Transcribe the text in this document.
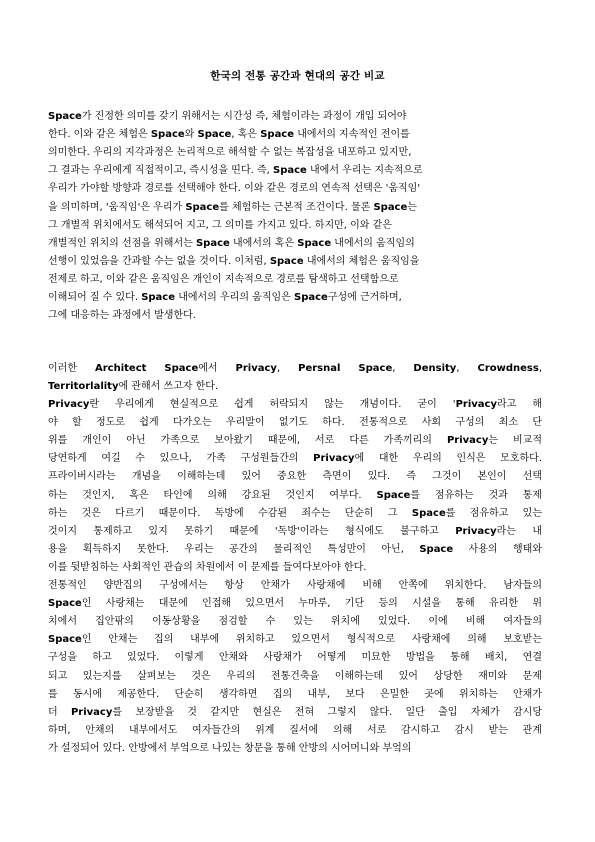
한국의 전통 공간과 현대의 공간 비교
Space가 진정한 의미를 갖기 위해서는 시간성 즉, 체험이라는 과정이 개입 되어야
한다. 이와 같은 체험은 Space와 Space, 혹은 Space 내에서의 지속적인 전이를
의미한다. 우리의 지각과정은 논리적으로 해석할 수 없는 복잡성을 내포하고 있지만,
그 결과는 우리에게 직접적이고, 즉시성을 띤다. 즉, Space 내에서 우리는 지속적으로
우리가 가야할 방향과 경로를 선택해야 한다. 이와 같은 경로의 연속적 선택은 '움직임'
을 의미하며, '움직임'은 우리가 Space를 체험하는 근본적 조건이다. 물론 Space는
그 개별적 위치에서도 해석되어 지고, 그 의미를 가지고 있다. 하지만, 이와 같은
개별적인 위치의 선점을 위해서는 Space 내에서의 혹은 Space 내에서의 움직임의
선행이 있었음을 간과할 수는 없을 것이다. 이처럼, Space 내에서의 체험은 움직임을
전제로 하고, 이와 같은 움직임은 개인이 지속적으로 경로를 탐색하고 선택함으로
이해되어 질 수 있다. Space 내에서의 우리의 움직임은 Space구성에 근거하며,
그에 대응하는 과정에서 발생한다.
이러한 Architect Space에서 Privacy, Persnal Space, Density, Crowdness,
Territorlality에 관해서 쓰고자 한다.
Privacy란 우리에게 현실적으로 쉽게 허락되지 않는 개념이다. 굳이 'Privacy라고 해
야 할 정도로 쉽게 다가오는 우리말이 없기도 하다. 전통적으로 사회 구성의 최소 단
위를 개인이 아닌 가족으로 보아왔기 때문에, 서로 다른 가족끼리의 Privacy는 비교적
당연하게 여길 수 있으나, 가족 구성원들간의 Privacy에 대한 우리의 인식은 모호하다.
프라이버시라는 개념을 이해하는데 있어 중요한 측면이 있다. 즉 그것이 본인이 선택
하는 것인지, 혹은 타인에 의해 강요된 것인지 여부다. Space를 점유하는 것과 통제
하는 것은 다르기 때문이다. 독방에 수감된 죄수는 단순히 그 Space를 점유하고 있는
것이지 통제하고 있지 못하기 때문에 '독방'이라는 형식에도 불구하고 Privacy라는 내
용을 획득하지 못한다. 우리는 공간의 물리적인 특성만이 아닌, Space 사용의 행태와
이를 뒷받침하는 사회적인 관습의 차원에서 이 문제를 들여다보아야 한다.
전통적인 양반집의 구성에서는 항상 안채가 사랑채에 비해 안쪽에 위치한다. 남자들의
Space인 사랑채는 대문에 인접해 있으면서 누마루, 기단 등의 시설을 통해 유리한 위
치에서 집안팎의 이동상황을 점검할 수 있는 위치에 있었다. 이에 비해 여자들의
Space인 안채는 집의 내부에 위치하고 있으면서 형식적으로 사랑채에 의해 보호받는
구성을 하고 있었다. 이렇게 안채와 사랑채가 어떻게 미묘한 방법을 통해 배치, 연결
되고 있는지를 살펴보는 것은 우리의 전통건축을 이해하는데 있어 상당한 재미와 문제
를 동시에 제공한다. 단순히 생각하면 집의 내부, 보다 은밀한 곳에 위치하는 안채가
더 Privacy를 보장받을 것 같지만 현실은 전혀 그렇지 않다. 일단 출입 자체가 감시당
하며, 안채의 내부에서도 여자들간의 위계 질서에 의해 서로 감시하고 감시 받는 관계
가 설정되어 있다. 안방에서 부엌으로 나있는 창문을 통해 안방의 시어머니와 부엌의
